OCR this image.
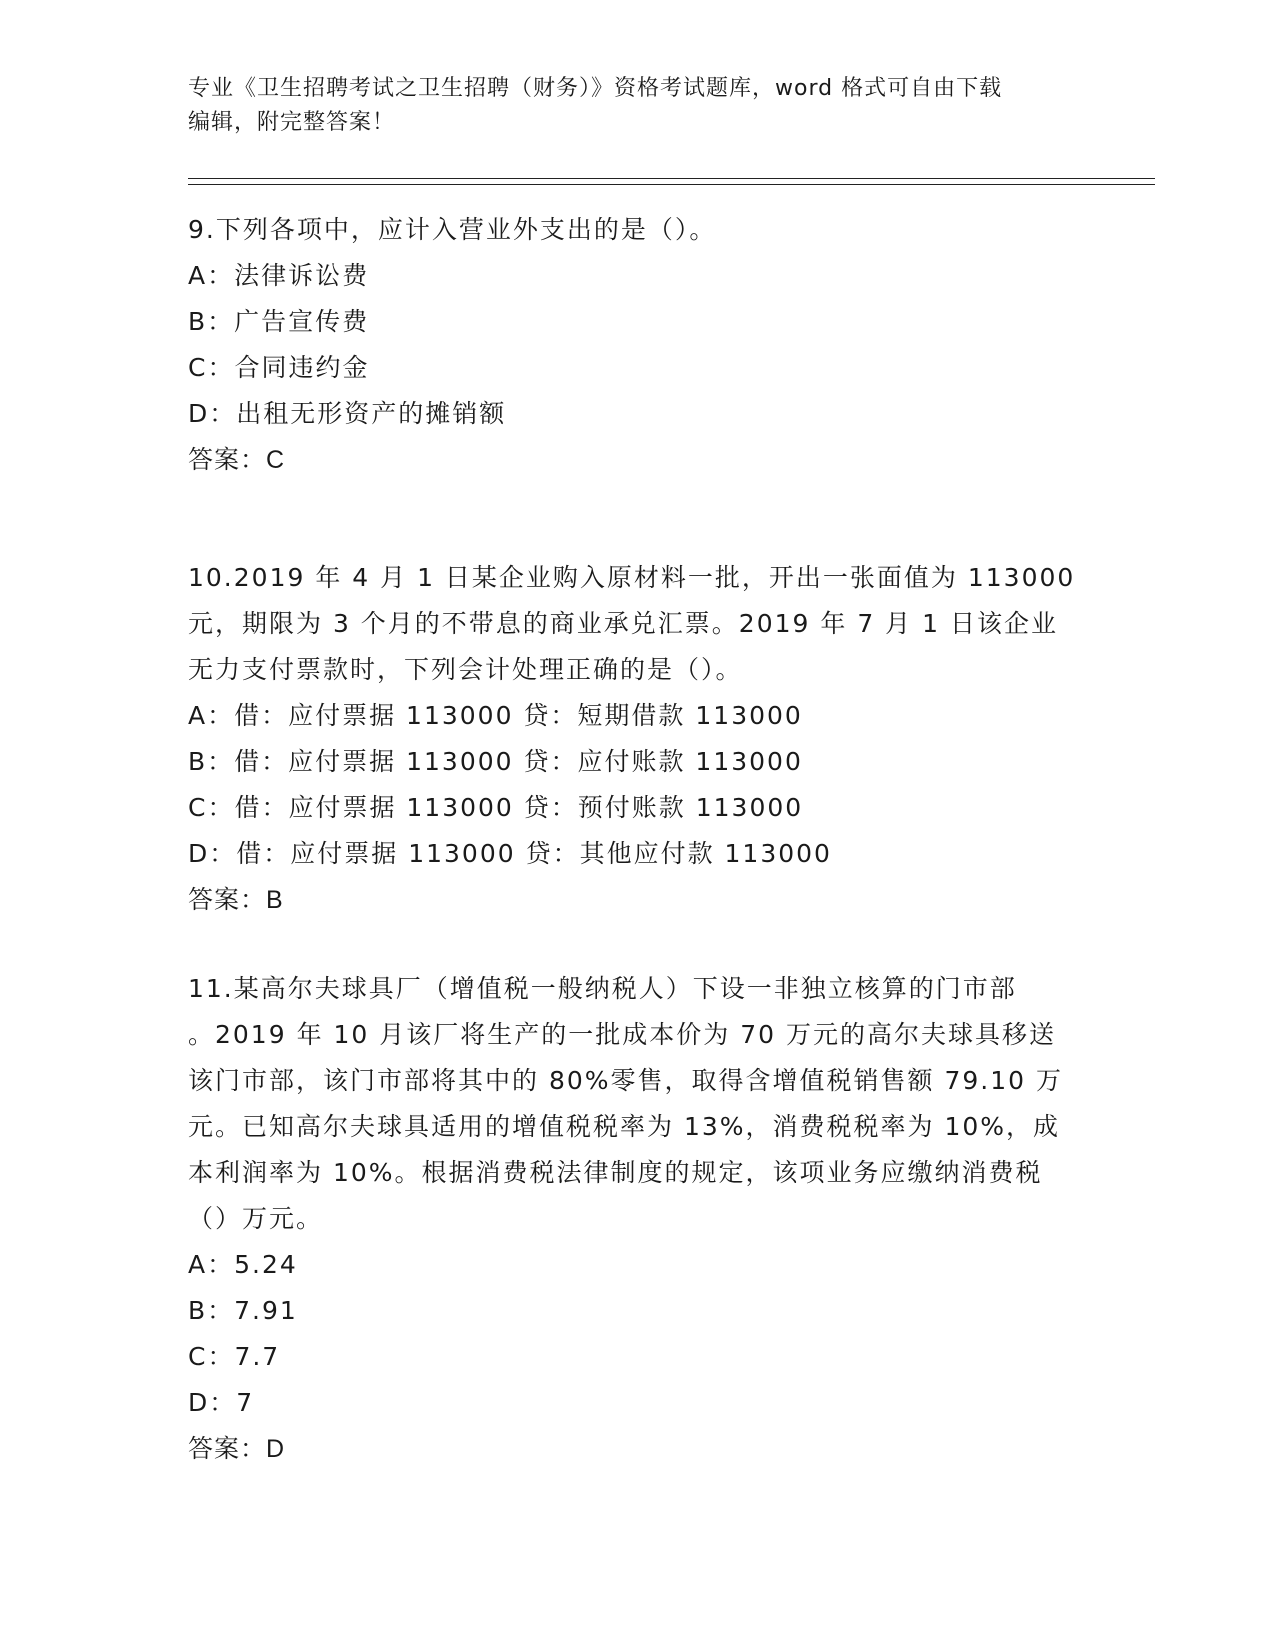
专业《卫生招聘考试之卫生招聘（财务）》资格考试题库，word 格式可自由下载
编辑，附完整答案！
9.下列各项中，应计入营业外支出的是（）。
A：法律诉讼费
B：广告宣传费
C：合同违约金
D：出租无形资产的摊销额
答案：C
10.2019 年 4 月 1 日某企业购入原材料一批，开出一张面值为 113000
元，期限为 3 个月的不带息的商业承兑汇票。2019 年 7 月 1 日该企业
无力支付票款时，下列会计处理正确的是（）。
A：借：应付票据 113000 贷：短期借款 113000
B：借：应付票据 113000 贷：应付账款 113000
C：借：应付票据 113000 贷：预付账款 113000
D：借：应付票据 113000 贷：其他应付款 113000
答案：B
11.某高尔夫球具厂（增值税一般纳税人）下设一非独立核算的门市部
。2019 年 10 月该厂将生产的一批成本价为 70 万元的高尔夫球具移送
该门市部，该门市部将其中的 80%零售，取得含增值税销售额 79.10 万
元。已知高尔夫球具适用的增值税税率为 13%，消费税税率为 10%，成
本利润率为 10%。根据消费税法律制度的规定，该项业务应缴纳消费税
（）万元。
A：5.24
B：7.91
C：7.7
D：7
答案：D
